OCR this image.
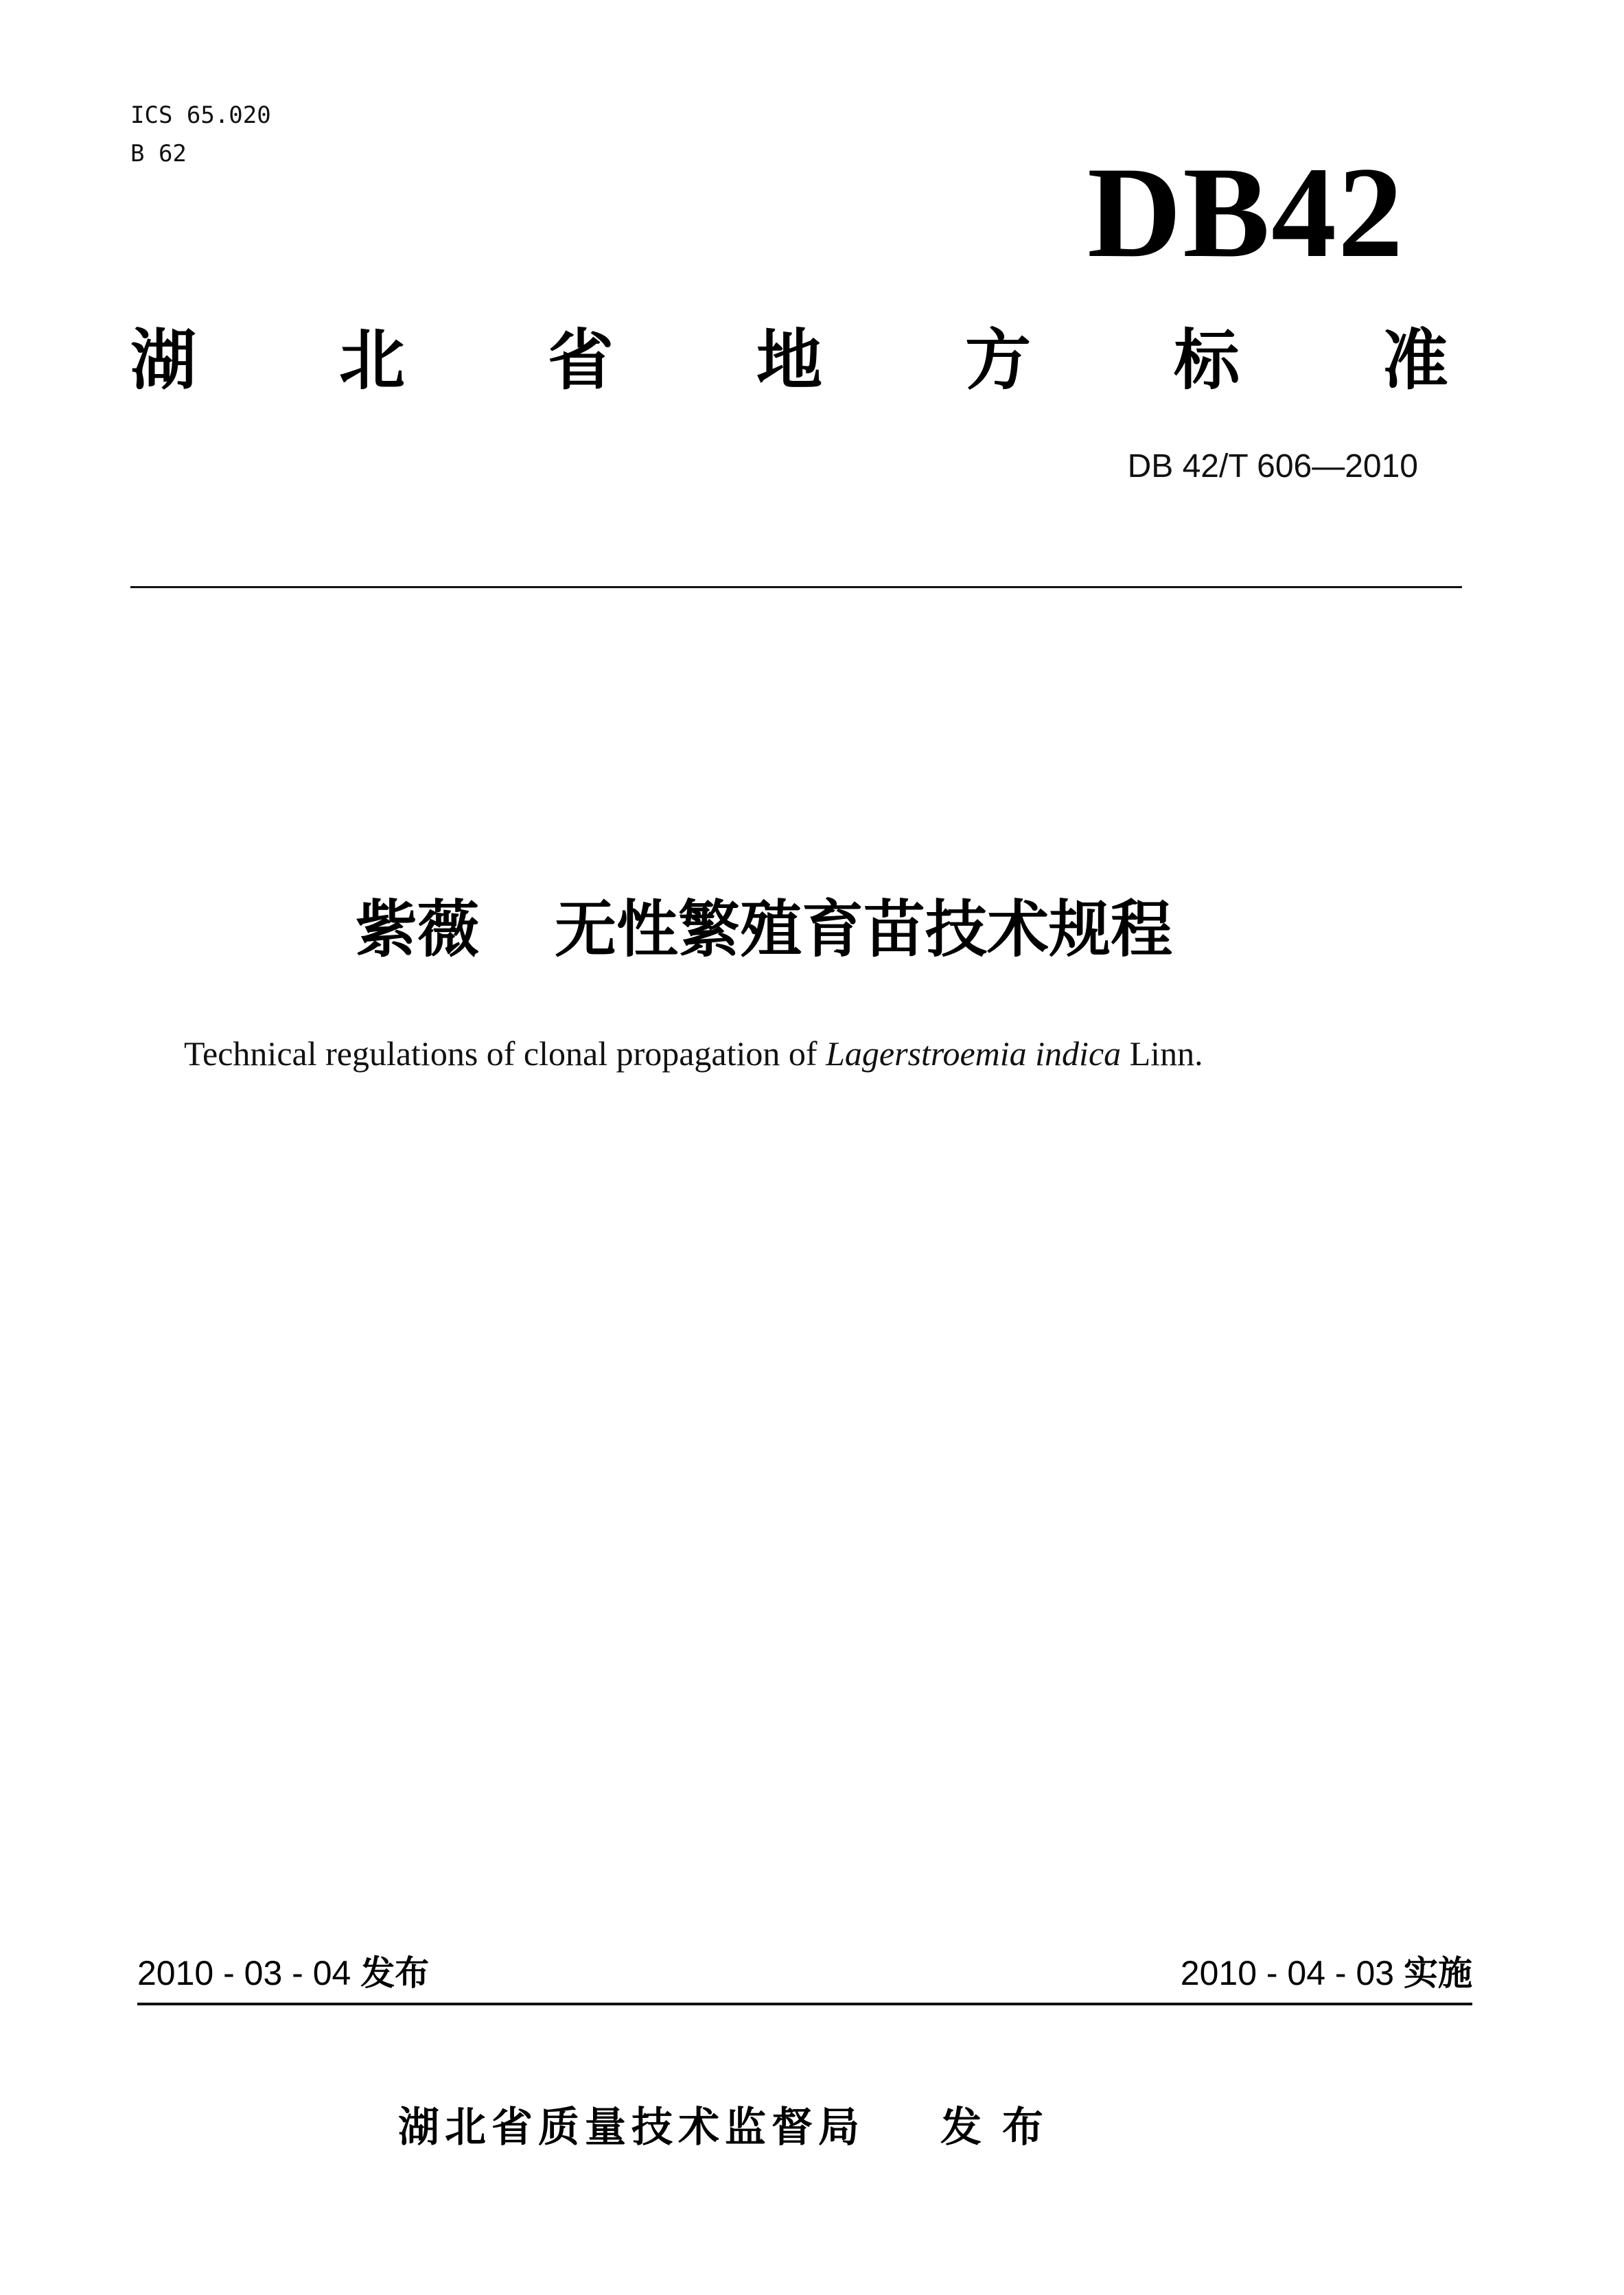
ICS 65.020
B 62	DB42
湖 北 省 地 方 标 准
DB 42/T 606—2010
紫薇 无性繁殖育苗技术规程
Technical regulations of clonal propagation of Lagerstroemia indica Linn.
2010 - 03 - 04 发布	2010 - 04 - 03 实施
湖北省质量技术监督局 发布
